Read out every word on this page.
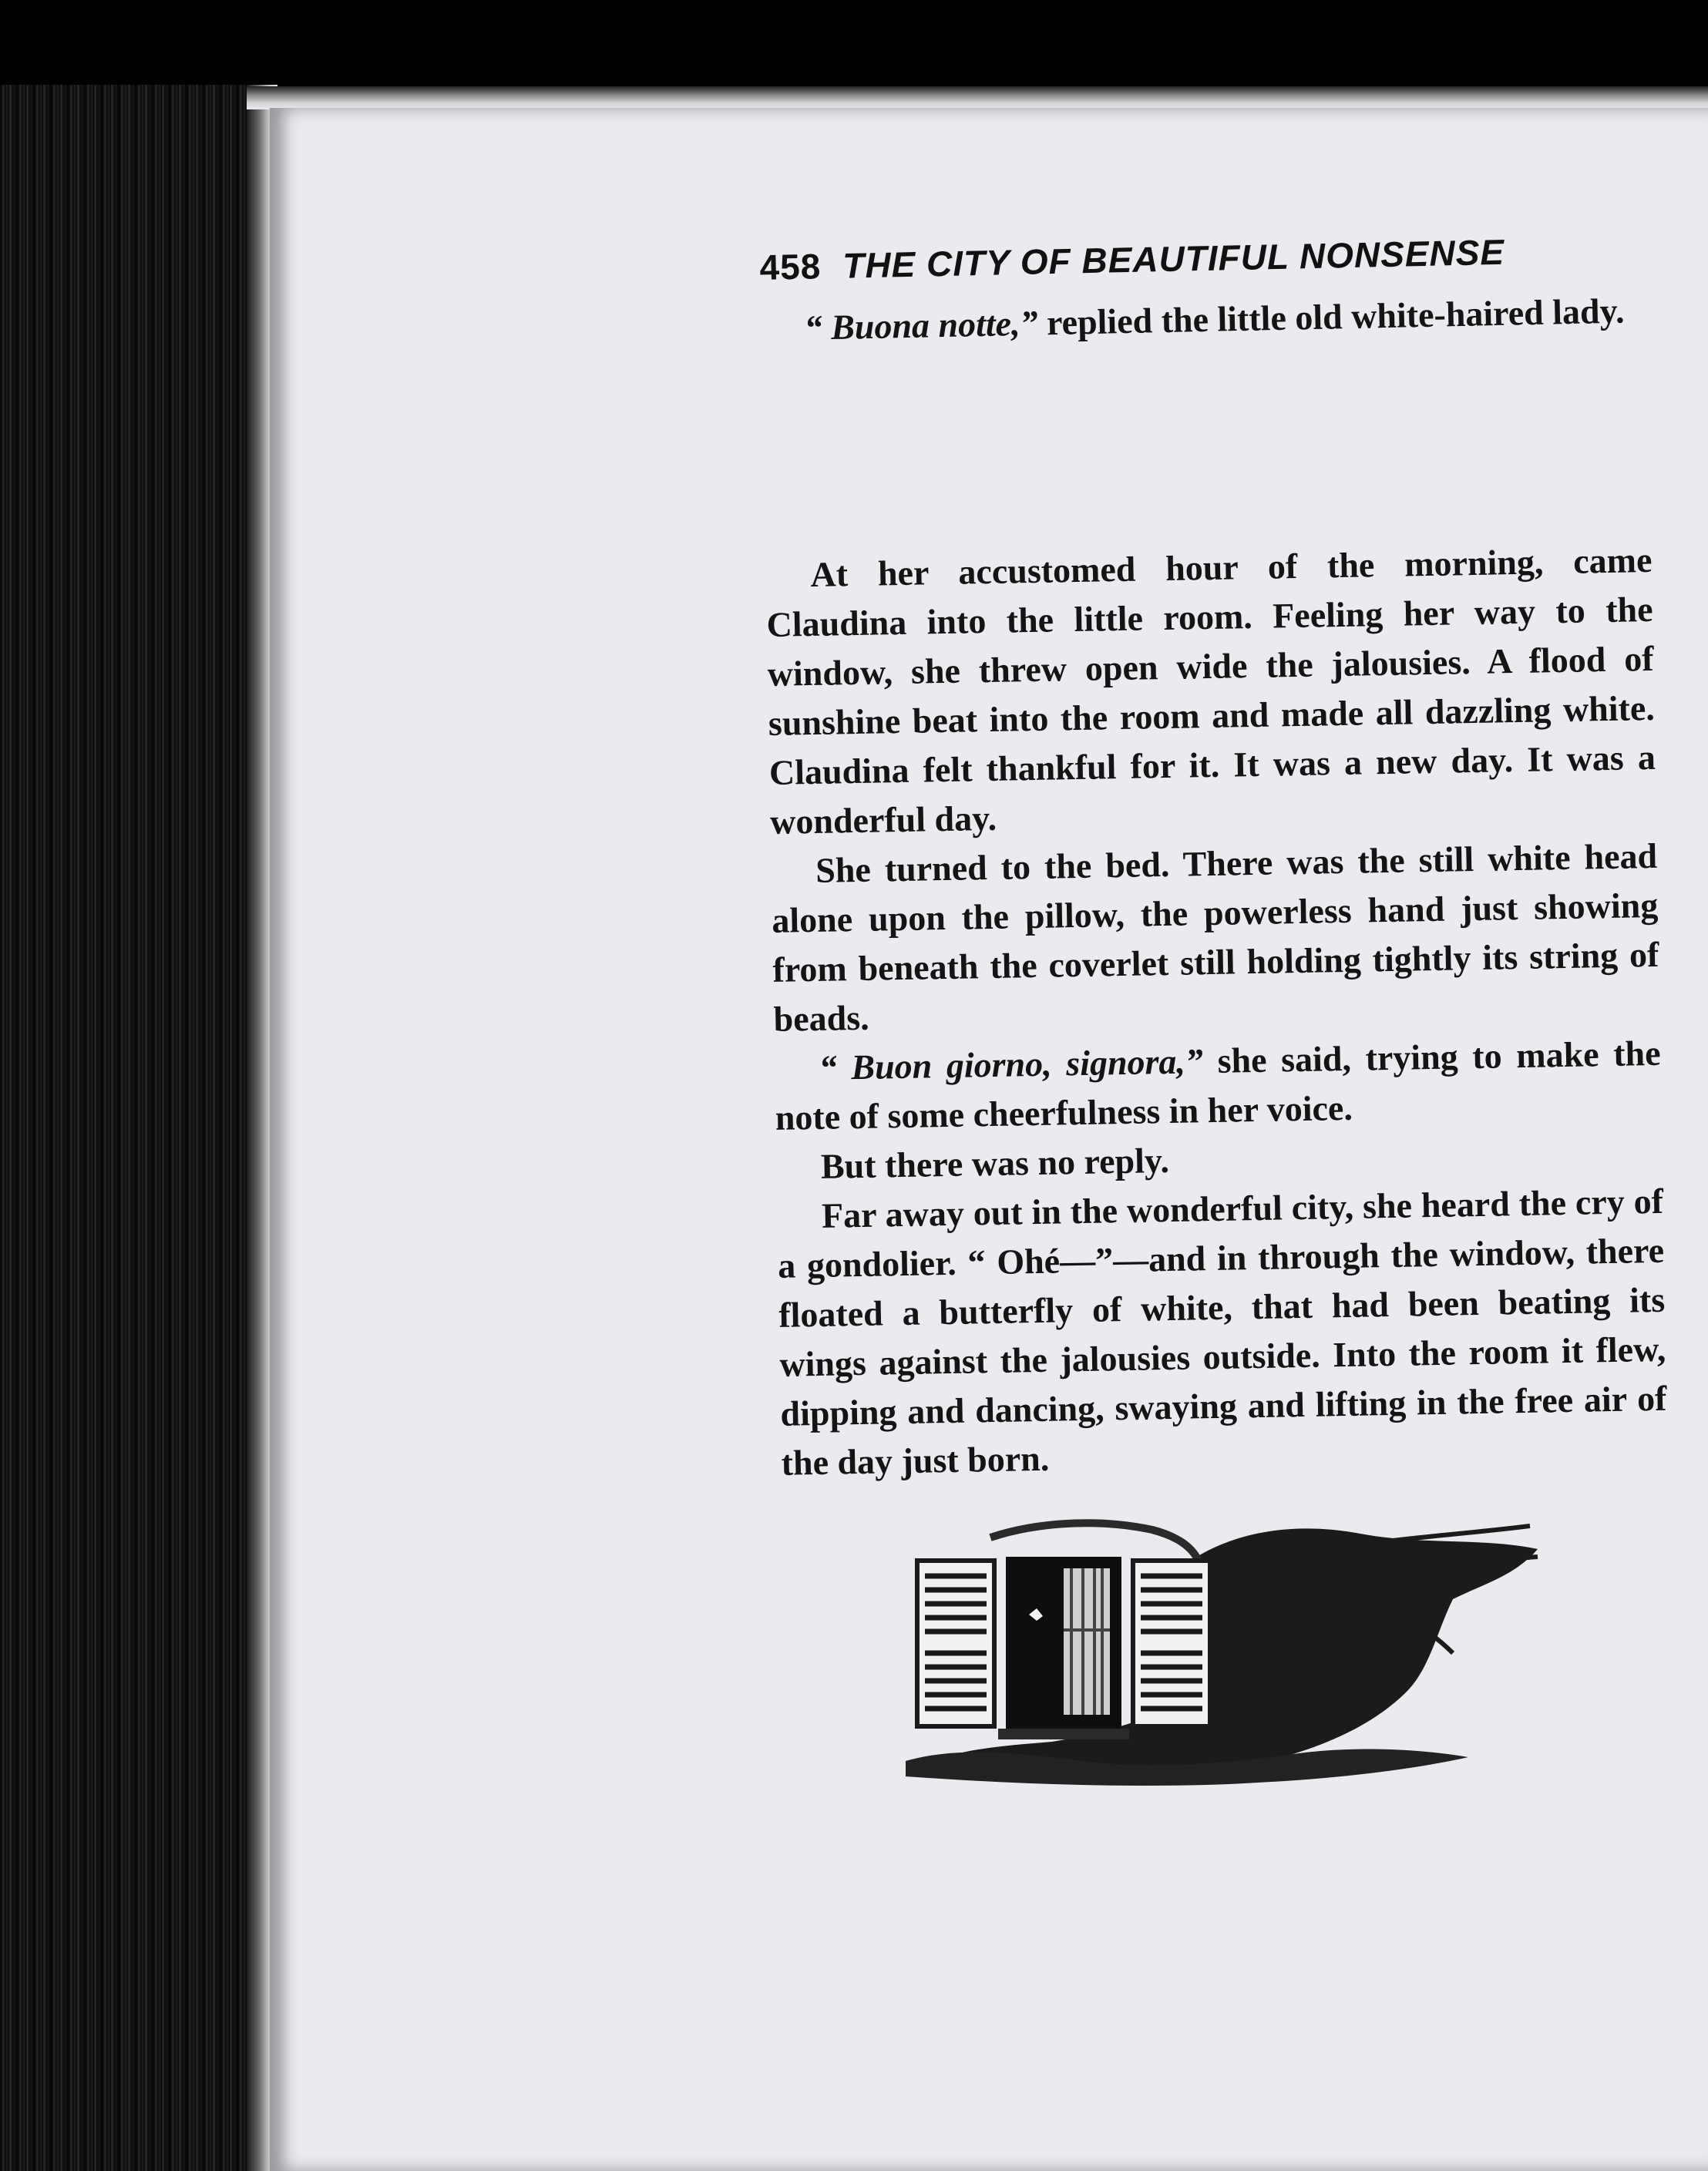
458 THE CITY OF BEAUTIFUL NONSENSE

“ Buona notte,” replied the little old white-haired lady.

At her accustomed hour of the morning, came Claudina into the little room. Feeling her way to the window, she threw open wide the jalousies. A flood of sunshine beat into the room and made all dazzling white. Claudina felt thankful for it. It was a new day. It was a wonderful day.

She turned to the bed. There was the still white head alone upon the pillow, the powerless hand just showing from beneath the coverlet still holding tightly its string of beads.

“ Buon giorno, signora,” she said, trying to make the note of some cheerfulness in her voice.

But there was no reply.

Far away out in the wonderful city, she heard the cry of a gondolier. “ Ohé—”—and in through the window, there floated a butterfly of white, that had been beating its wings against the jalousies outside. Into the room it flew, dipping and dancing, swaying and lifting in the free air of the day just born.
